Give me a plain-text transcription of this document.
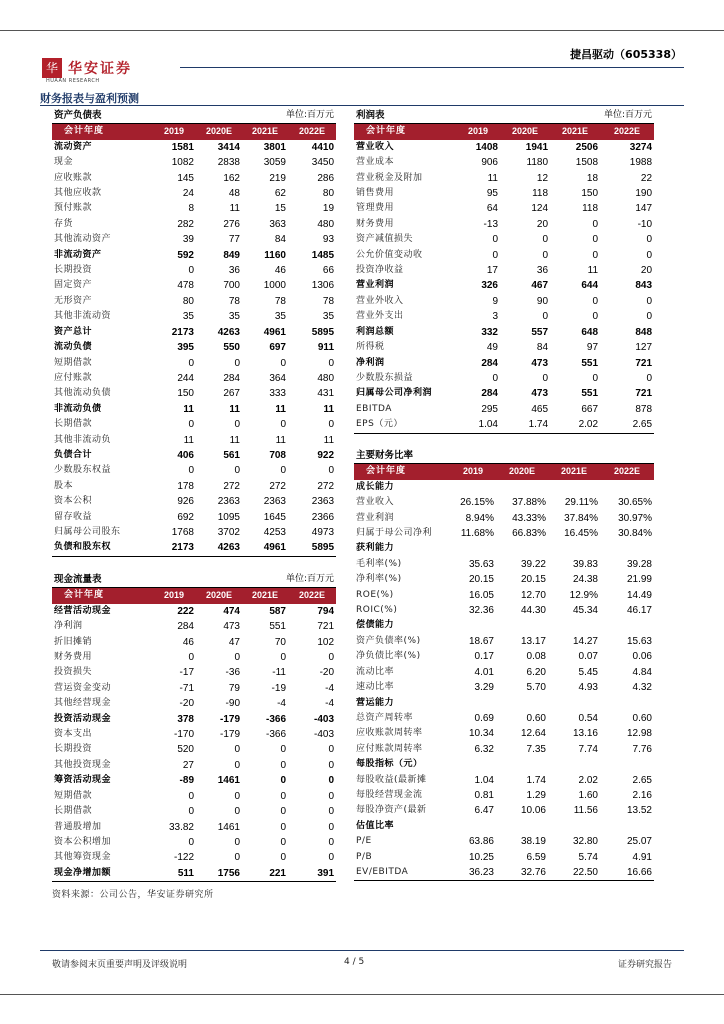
华 华安证券
HUAAN RESEARCH
捷昌驱动（605338）
财务报表与盈利预测
资产负债表			单位:百万元	
会计年度	2019	2020E	2021E	2022E
流动资产	1581	3414	3801	4410
现金	1082	2838	3059	3450
应收账款	145	162	219	286
其他应收款	24	48	62	80
预付账款	8	11	15	19
存货	282	276	363	480
其他流动资产	39	77	84	93
非流动资产	592	849	1160	1485
长期投资	0	36	46	66
固定资产	478	700	1000	1306
无形资产	80	78	78	78
其他非流动资	35	35	35	35
资产总计	2173	4263	4961	5895
流动负债	395	550	697	911
短期借款	0	0	0	0
应付账款	244	284	364	480
其他流动负债	150	267	333	431
非流动负债	11	11	11	11
长期借款	0	0	0	0
其他非流动负	11	11	11	11
负债合计	406	561	708	922
少数股东权益	0	0	0	0
股本	178	272	272	272
资本公积	926	2363	2363	2363
留存收益	692	1095	1645	2366
归属母公司股东	1768	3702	4253	4973
负债和股东权	2173	4263	4961	5895
利润表			单位:百万元	
会计年度	2019	2020E	2021E	2022E
营业收入	1408	1941	2506	3274
营业成本	906	1180	1508	1988
营业税金及附加	11	12	18	22
销售费用	95	118	150	190
管理费用	64	124	118	147
财务费用	-13	20	0	-10
资产减值损失	0	0	0	0
公允价值变动收	0	0	0	0
投资净收益	17	36	11	20
营业利润	326	467	644	843
营业外收入	9	90	0	0
营业外支出	3	0	0	0
利润总额	332	557	648	848
所得税	49	84	97	127
净利润	284	473	551	721
少数股东损益	0	0	0	0
归属母公司净利润	284	473	551	721
EBITDA	295	465	667	878
EPS（元）	1.04	1.74	2.02	2.65
现金流量表			单位:百万元	
会计年度	2019	2020E	2021E	2022E
经营活动现金	222	474	587	794
净利润	284	473	551	721
折旧摊销	46	47	70	102
财务费用	0	0	0	0
投资损失	-17	-36	-11	-20
营运资金变动	-71	79	-19	-4
其他经营现金	-20	-90	-4	-4
投资活动现金	378	-179	-366	-403
资本支出	-170	-179	-366	-403
长期投资	520	0	0	0
其他投资现金	27	0	0	0
筹资活动现金	-89	1461	0	0
短期借款	0	0	0	0
长期借款	0	0	0	0
普通股增加	33.82	1461	0	0
资本公积增加	0	0	0	0
其他筹资现金	-122	0	0	0
现金净增加额	511	1756	221	391
主要财务比率				
会计年度	2019	2020E	2021E	2022E
成长能力				
营业收入	26.15%	37.88%	29.11%	30.65%
营业利润	8.94%	43.33%	37.84%	30.97%
归属于母公司净利	11.68%	66.83%	16.45%	30.84%
获利能力				
毛利率(%)	35.63	39.22	39.83	39.28
净利率(%)	20.15	20.15	24.38	21.99
ROE(%)	16.05	12.70	12.9%	14.49
ROIC(%)	32.36	44.30	45.34	46.17
偿债能力				
资产负债率(%)	18.67	13.17	14.27	15.63
净负债比率(%)	0.17	0.08	0.07	0.06
流动比率	4.01	6.20	5.45	4.84
速动比率	3.29	5.70	4.93	4.32
营运能力				
总资产周转率	0.69	0.60	0.54	0.60
应收账款周转率	10.34	12.64	13.16	12.98
应付账款周转率	6.32	7.35	7.74	7.76
每股指标（元）				
每股收益(最新摊	1.04	1.74	2.02	2.65
每股经营现金流	0.81	1.29	1.60	2.16
每股净资产(最新	6.47	10.06	11.56	13.52
估值比率				
P/E	63.86	38.19	32.80	25.07
P/B	10.25	6.59	5.74	4.91
EV/EBITDA	36.23	32.76	22.50	16.66
资料来源：公司公告，华安证券研究所
敬请参阅末页重要声明及评级说明	4 / 5	证券研究报告
